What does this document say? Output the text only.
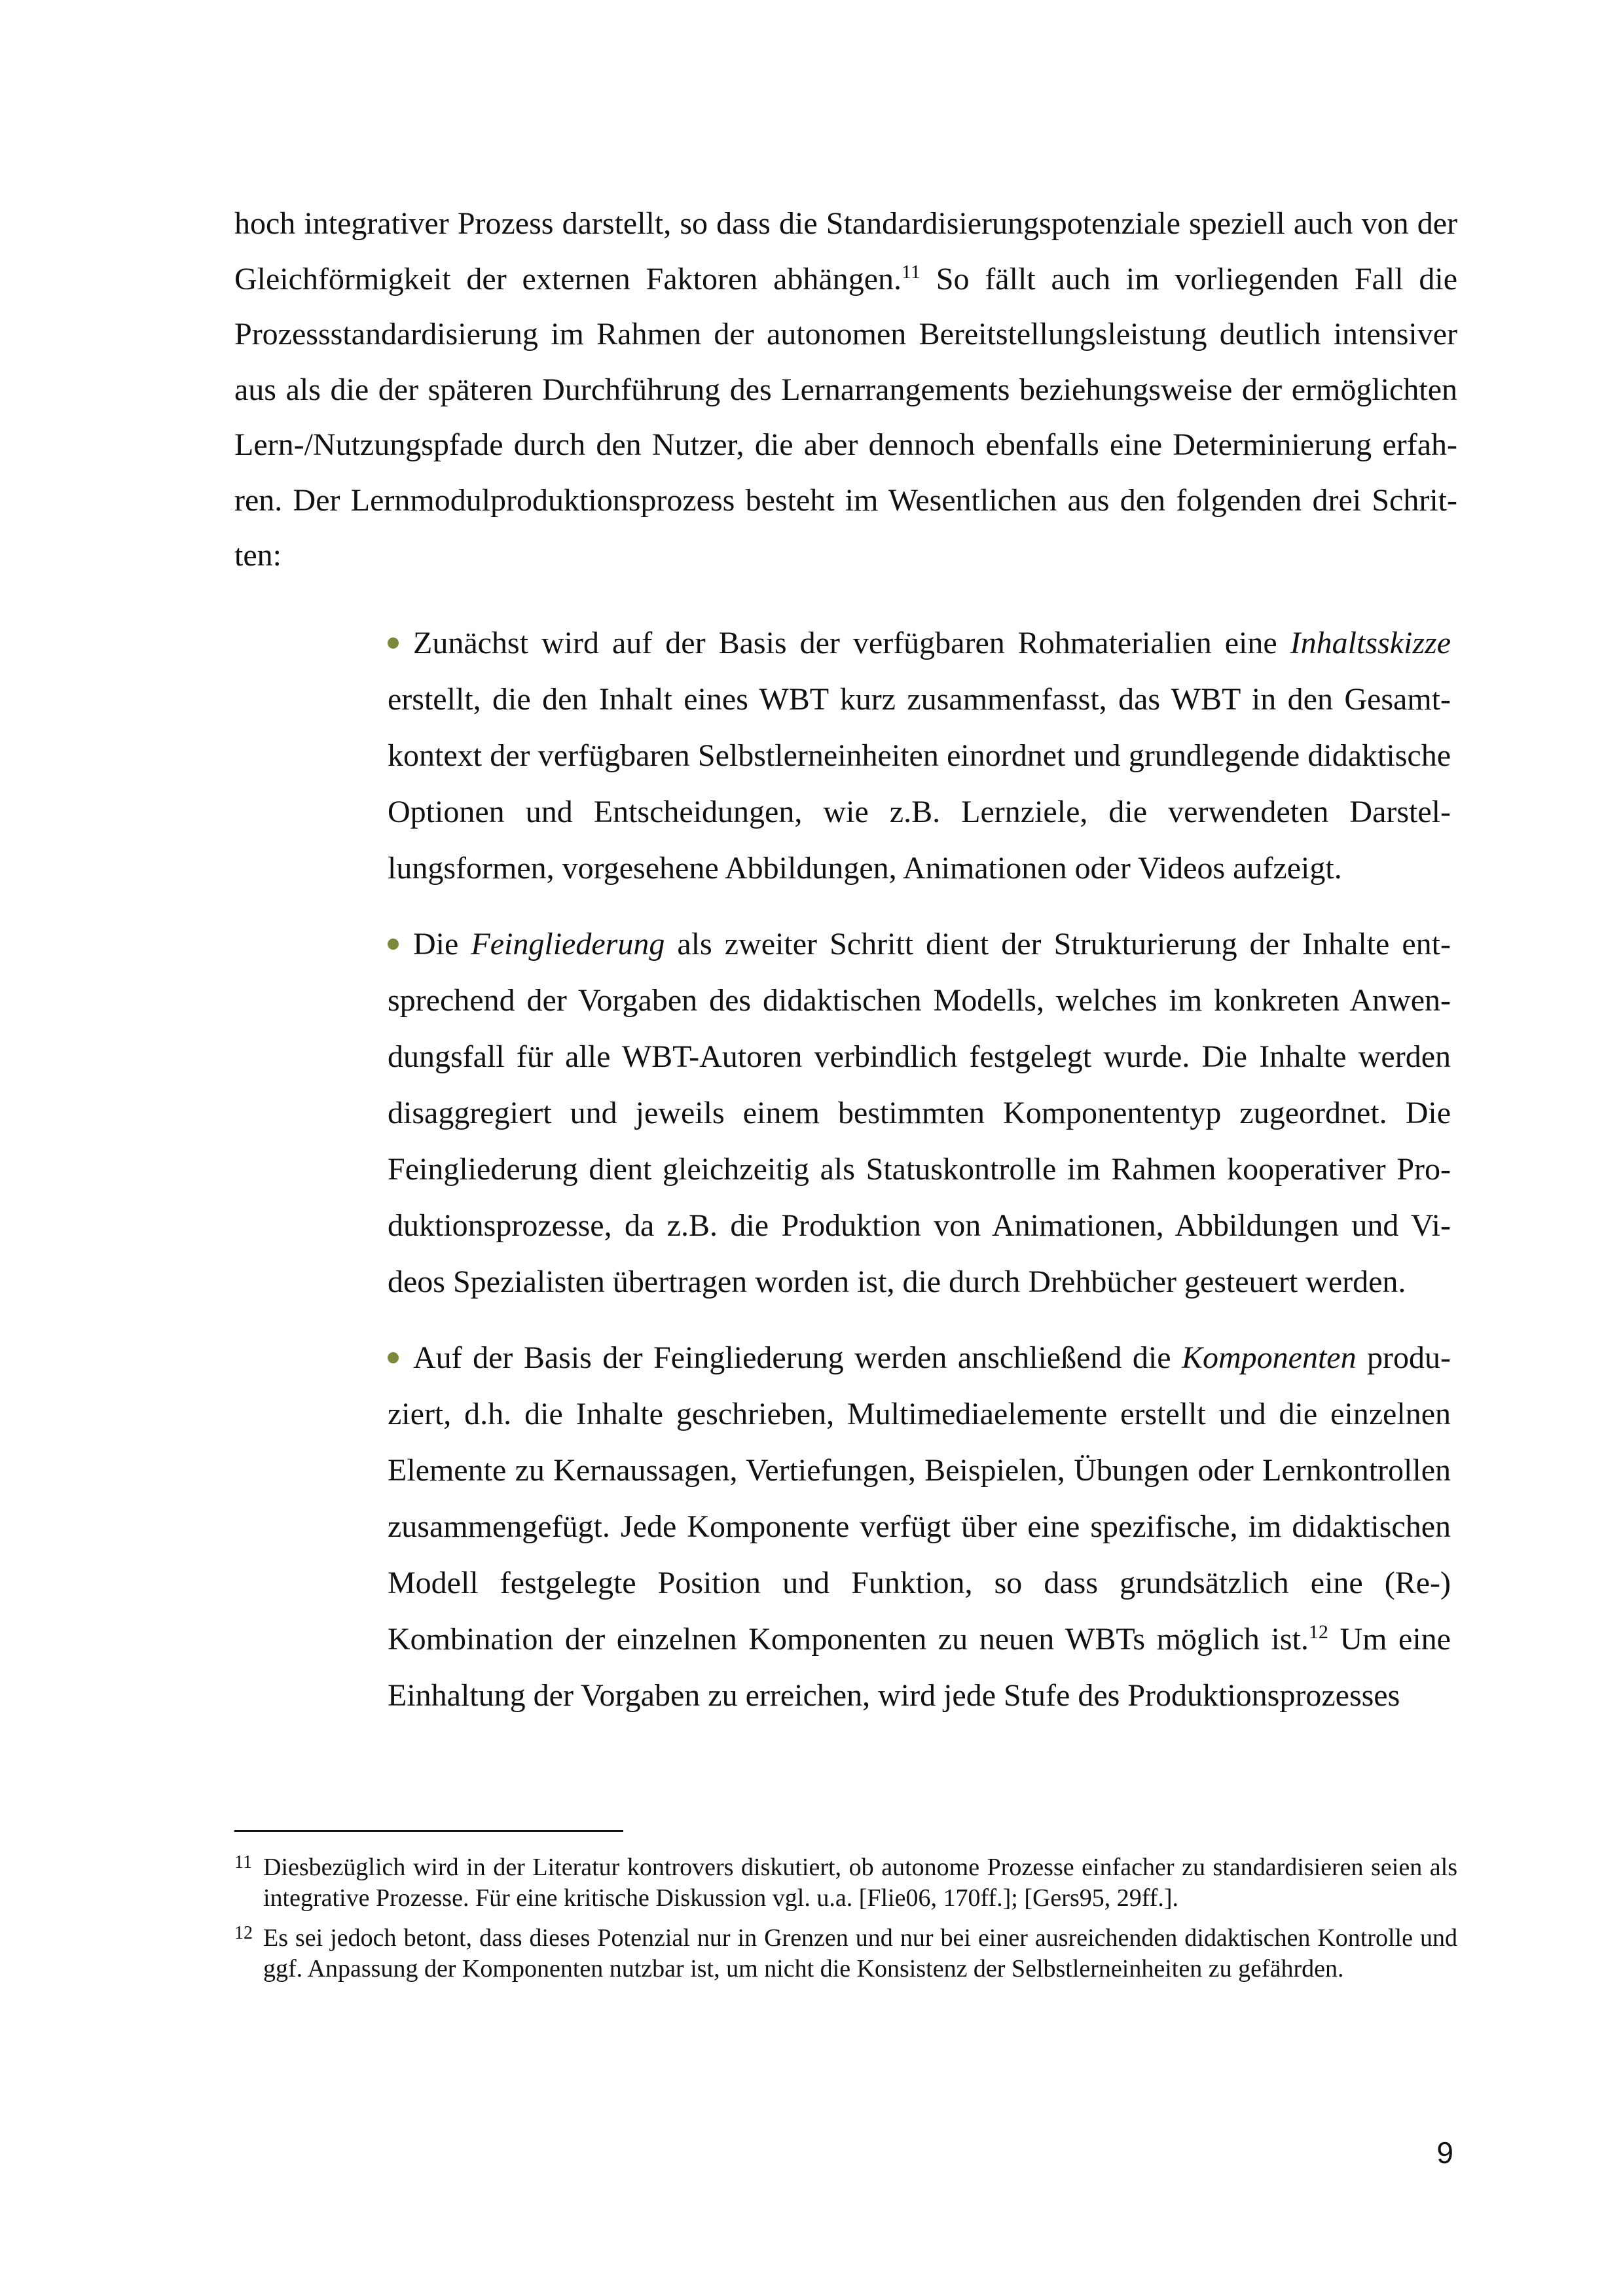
hoch integrativer Prozess darstellt, so dass die Standardisierungspotenziale speziell auch von der Gleichförmigkeit der externen Faktoren abhängen.$^{11}$ So fällt auch im vorliegenden Fall die Prozessstandardisierung im Rahmen der autonomen Bereitstellungsleistung deutlich intensiver aus als die der späteren Durchführung des Lernarrangements beziehungsweise der ermöglichten Lern-/Nutzungspfade durch den Nutzer, die aber dennoch ebenfalls eine Determinierung erfahren. Der Lernmodulproduktionsprozess besteht im Wesentlichen aus den folgenden drei Schritten:

Zunächst wird auf der Basis der verfügbaren Rohmaterialien eine Inhaltsskizze erstellt, die den Inhalt eines WBT kurz zusammenfasst, das WBT in den Gesamtkontext der verfügbaren Selbstlerneinheiten einordnet und grundlegende didaktische Optionen und Entscheidungen, wie z.B. Lernziele, die verwendeten Darstellungsformen, vorgesehene Abbildungen, Animationen oder Videos aufzeigt.
Die Feingliederung als zweiter Schritt dient der Strukturierung der Inhalte entsprechend der Vorgaben des didaktischen Modells, welches im konkreten Anwendungsfall für alle WBT-Autoren verbindlich festgelegt wurde. Die Inhalte werden disaggregiert und jeweils einem bestimmten Komponententyp zugeordnet. Die Feingliederung dient gleichzeitig als Statuskontrolle im Rahmen kooperativer Produktionsprozesse, da z.B. die Produktion von Animationen, Abbildungen und Videos Spezialisten übertragen worden ist, die durch Drehbücher gesteuert werden.
Auf der Basis der Feingliederung werden anschließend die Komponenten produziert, d.h. die Inhalte geschrieben, Multimediaelemente erstellt und die einzelnen Elemente zu Kernaussagen, Vertiefungen, Beispielen, Übungen oder Lernkontrollen zusammengefügt. Jede Komponente verfügt über eine spezifische, im didaktischen Modell festgelegte Position und Funktion, so dass grundsätzlich eine (Re-) Kombination der einzelnen Komponenten zu neuen WBTs möglich ist.$^{12}$ Um eine Einhaltung der Vorgaben zu erreichen, wird jede Stufe des Produktionsprozesses
11 Diesbezüglich wird in der Literatur kontrovers diskutiert, ob autonome Prozesse einfacher zu standardisieren seien als integrative Prozesse. Für eine kritische Diskussion vgl. u.a. [Flie06, 170ff.]; [Gers95, 29ff.].
12 Es sei jedoch betont, dass dieses Potenzial nur in Grenzen und nur bei einer ausreichenden didaktischen Kontrolle und ggf. Anpassung der Komponenten nutzbar ist, um nicht die Konsistenz der Selbstlerneinheiten zu gefährden.
9
